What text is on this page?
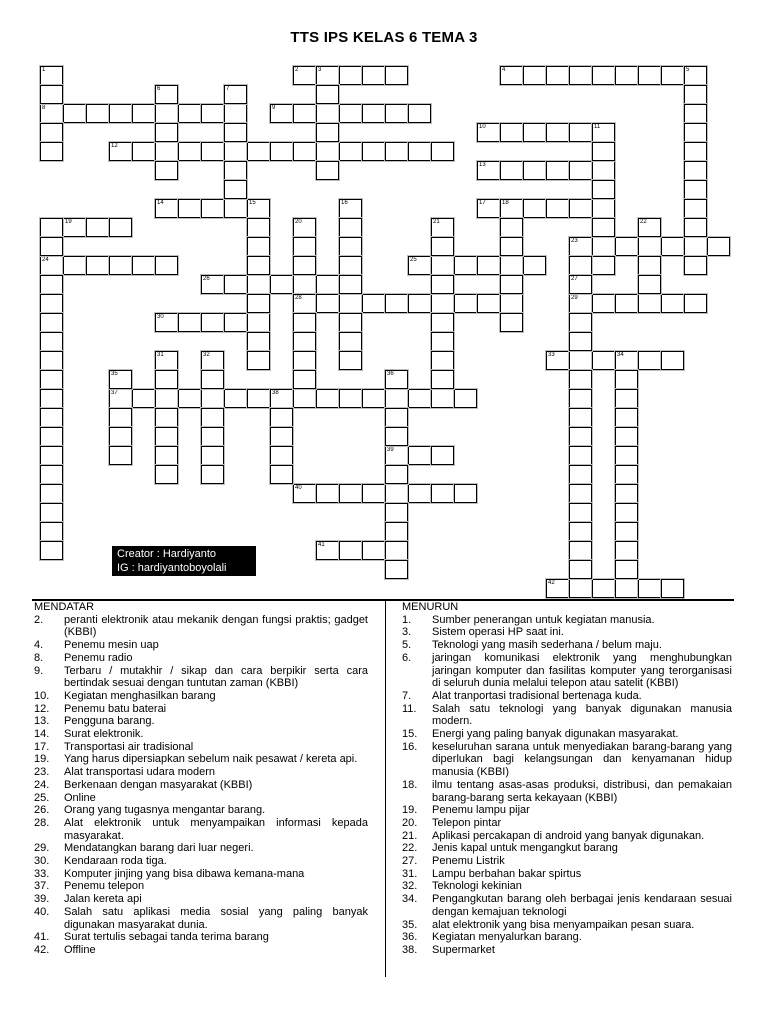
TTS IPS KELAS 6 TEMA 3
2	3	4	5
8	9
10	11
12
13
14	15	17	18
19
23
24	25
26
28	29
30
33	34
37	38
39
40
41
42
1
6	7
16
20	21	22
27
31	32
35	36
Creator : Hardiyanto
IG : hardiyantoboyolali
MENDATAR
2.	peranti elektronik atau mekanik dengan fungsi praktis; gadget (KBBI)
4.	Penemu mesin uap
8.	Penemu radio
9.	Terbaru / mutakhir / sikap dan cara berpikir serta cara bertindak sesuai dengan tuntutan zaman (KBBI)
10.	Kegiatan menghasilkan barang
12.	Penemu batu baterai
13.	Pengguna barang.
14.	Surat elektronik.
17.	Transportasi air tradisional
19.	Yang harus dipersiapkan sebelum naik pesawat / kereta api.
23.	Alat transportasi udara modern
24.	Berkenaan dengan masyarakat (KBBI)
25.	Online
26.	Orang yang tugasnya mengantar barang.
28.	Alat elektronik untuk menyampaikan informasi kepada masyarakat.
29.	Mendatangkan barang dari luar negeri.
30.	Kendaraan roda tiga.
33.	Komputer jinjing yang bisa dibawa kemana-mana
37.	Penemu telepon
39.	Jalan kereta api
40.	Salah satu aplikasi media sosial yang paling banyak digunakan masyarakat dunia.
41.	Surat tertulis sebagai tanda terima barang
42.	Offline
MENURUN
1.	Sumber penerangan untuk kegiatan manusia.
3.	Sistem operasi HP saat ini.
5.	Teknologi yang masih sederhana / belum maju.
6.	jaringan komunikasi elektronik yang menghubungkan jaringan komputer dan fasilitas komputer yang terorganisasi di seluruh dunia melalui telepon atau satelit (KBBI)
7.	Alat tranportasi tradisional bertenaga kuda.
11.	Salah satu teknologi yang banyak digunakan manusia modern.
15.	Energi yang paling banyak digunakan masyarakat.
16.	keseluruhan sarana untuk menyediakan barang-barang yang diperlukan bagi kelangsungan dan kenyamanan hidup manusia (KBBI)
18.	ilmu tentang asas-asas produksi, distribusi, dan pemakaian barang-barang serta kekayaan (KBBI)
19.	Penemu lampu pijar
20.	Telepon pintar
21.	Aplikasi percakapan di android yang banyak digunakan.
22.	Jenis kapal untuk mengangkut barang
27.	Penemu Listrik
31.	Lampu berbahan bakar spirtus
32.	Teknologi kekinian
34.	Pengangkutan barang oleh berbagai jenis kendaraan sesuai dengan kemajuan teknologi
35.	alat elektronik yang bisa menyampaikan pesan suara.
36.	Kegiatan menyalurkan barang.
38.	Supermarket
